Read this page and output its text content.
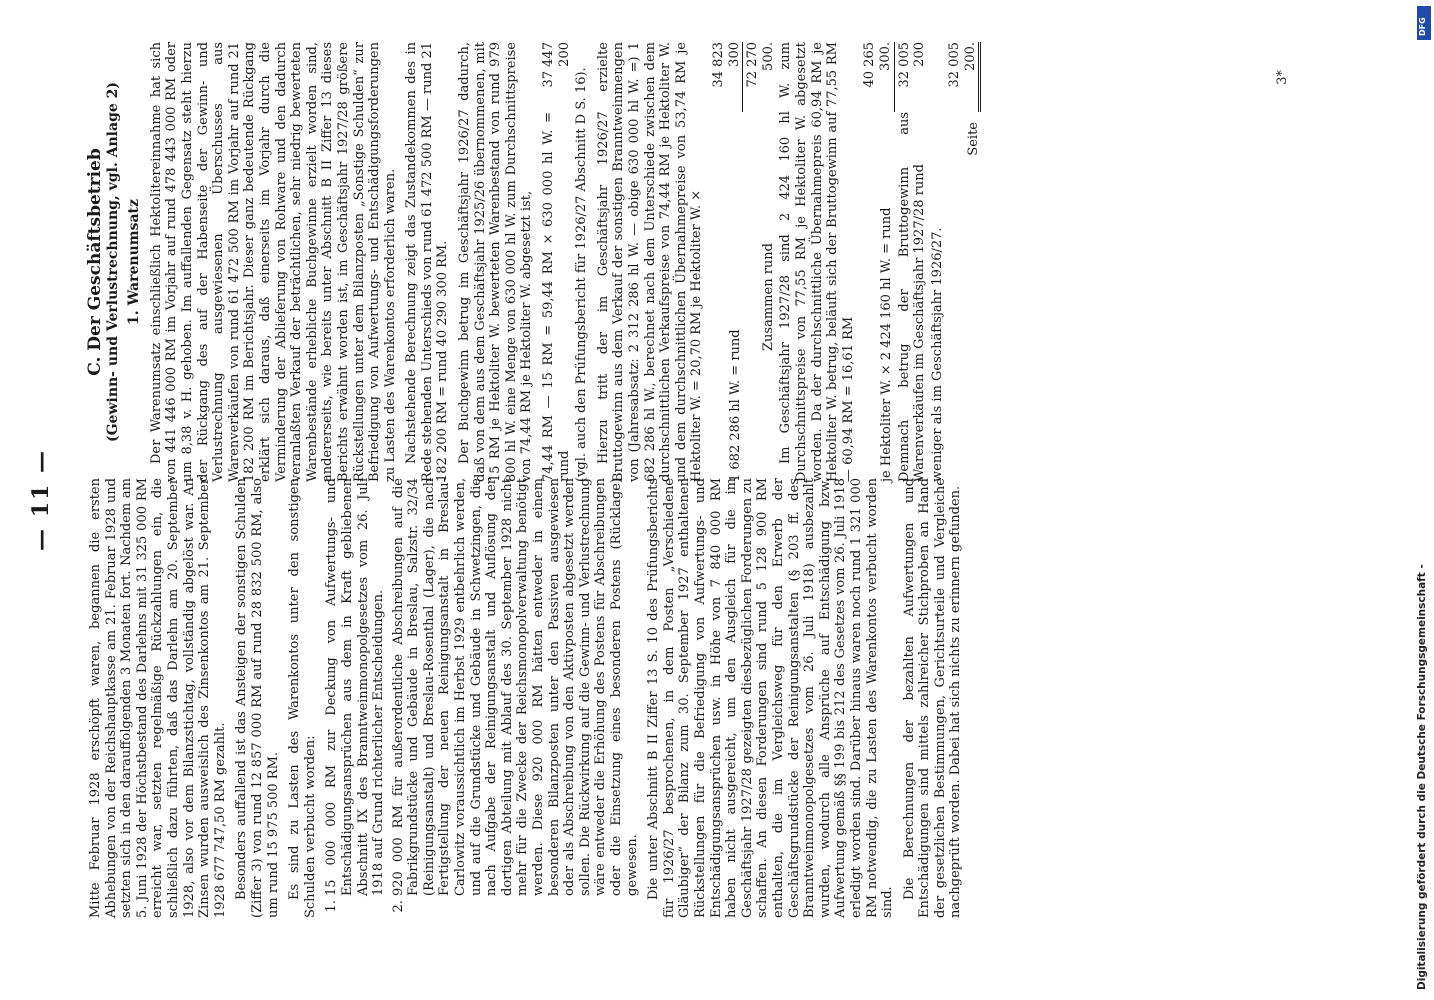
— 11 —	Mitte Februar 1928 erschöpft waren, begannen die ersten Abhebungen von der Reichshauptkasse am 21. Februar 1928 und setzten sich in den darauffolgenden 3 Monaten fort. Nachdem am 5. Juni 1928 der Höchstbestand des Darlehns mit 31 325 000 RM erreicht war, setzten regelmäßige Rückzahlungen ein, die schließlich dazu führten, daß das Darlehn am 20. September 1928, also vor dem Bilanzstichtag, vollständig abgelöst war. An Zinsen wurden ausweislich des Zinsenkontos am 21. September 1928 677 747,50 RM gezahlt. Besonders auffallend ist das Ansteigen der sonstigen Schulden (Ziffer 3) von rund 12 857 000 RM auf rund 28 832 500 RM, also um rund 15 975 500 RM. Es sind zu Lasten des Warenkontos unter den sonstigen Schulden verbucht worden: 1. 15 000 000 RM zur Deckung von Aufwertungs- und Entschädigungsansprüchen aus dem in Kraft gebliebenen Abschnitt IX des Branntweinmonopolgesetzes vom 26. Juli 1918 auf Grund richterlicher Entscheidungen. 2. 920 000 RM für außerordentliche Abschreibungen auf die Fabrikgrundstücke und Gebäude in Breslau, Salzstr. 32/34 (Reinigungsanstalt) und Breslau-Rosenthal (Lager), die nach Fertigstellung der neuen Reinigungsanstalt in Breslau-Carlowitz voraussichtlich im Herbst 1929 entbehrlich werden, und auf die Grundstücke und Gebäude in Schwetzingen, die nach Aufgabe der Reinigungsanstalt und Auflösung der dortigen Abteilung mit Ablauf des 30. September 1928 nicht mehr für die Zwecke der Reichsmonopolverwaltung benötigt werden. Diese 920 000 RM hätten entweder in einem besonderen Bilanzposten unter den Passiven ausgewiesen oder als Abschreibung von den Aktivposten abgesetzt werden sollen. Die Rückwirkung auf die Gewinn- und Verlustrechnung wäre entweder die Erhöhung des Postens für Abschreibungen oder die Einsetzung eines besonderen Postens (Rücklage) gewesen. Die unter Abschnitt B II Ziffer 13 S. 10 des Prüfungsberichts für 1926/27 besprochenen, in dem Posten „Verschiedene Gläubiger“ der Bilanz zum 30. September 1927 enthaltenen Rückstellungen für die Befriedigung von Aufwertungs- und Entschädigungsansprüchen usw. in Höhe von 7 840 000 RM haben nicht ausgereicht, um den Ausgleich für die im Geschäftsjahr 1927/28 gezeigten diesbezüglichen Forderungen zu schaffen. An diesen Forderungen sind rund 5 128 900 RM enthalten, die im Vergleichsweg für den Erwerb der Geschäftsgrundstücke der Reinigungsanstalten (§ 203 ff. des Branntweinmonopolgesetzes vom 26. Juli 1918) ausbezahlt wurden, wodurch alle Ansprüche auf Entschädigung bzw. Aufwertung gemäß §§ 199 bis 212 des Gesetzes vom 26. Juli 1918 erledigt worden sind. Darüber hinaus waren noch rund 1 321 000 RM notwendig, die zu Lasten des Warenkontos verbucht worden sind.

Die Berechnungen der bezahlten Aufwertungen und Entschädigungen sind mittels zahlreicher Stichproben an Hand der gesetzlichen Bestimmungen, Gerichtsurteile und Vergleiche nachgeprüft worden. Dabei hat sich nichts zu erinnern gefunden.

C. Der Geschäftsbetrieb (Gewinn- und Verlustrechnung, vgl. Anlage 2) 1. Warenumsatz Der Warenumsatz einschließlich Hektolitereinnahme hat sich von 441 446 000 RM im Vorjahr auf rund 478 443 000 RM oder um 8,38 v. H. gehoben. Im auffallenden Gegensatz steht hierzu der Rückgang des auf der Habenseite der Gewinn- und Verlustrechnung ausgewiesenen Überschusses aus Warenverkäufen von rund 61 472 500 RM im Vorjahr auf rund 21 182 200 RM im Berichtsjahr. Dieser ganz bedeutende Rückgang erklärt sich daraus, daß einerseits im Vorjahr durch die Verminderung der Ablieferung von Rohware und den dadurch veranlaßten Verkauf der beträchtlichen, sehr niedrig bewerteten Warenbestände erhebliche Buchgewinne erzielt worden sind, andererseits, wie bereits unter Abschnitt B II Ziffer 13 dieses Berichts erwähnt worden ist, im Geschäftsjahr 1927/28 größere Rückstellungen unter dem Bilanzposten „Sonstige Schulden“ zur Befriedigung von Aufwertungs- und Entschädigungsforderungen zu Lasten des Warenkontos erforderlich waren. Nachstehende Berechnung zeigt das Zustandekommen des in Rede stehenden Unterschieds von rund 61 472 500 RM — rund 21 182 200 RM = rund 40 290 300 RM. Der Buchgewinn betrug im Geschäftsjahr 1926/27 dadurch, daß von dem aus dem Geschäftsjahr 1925/26 übernommenen, mit 15 RM je Hektoliter W. bewerteten Warenbestand von rund 979 800 hl W. eine Menge von 630 000 hl W. zum Durchschnittspreise von 74,44 RM je Hektoliter W. abgesetzt ist, 74,44 RM — 15 RM = 59,44 RM × 630 000 hl W. = rund
37 447 200

(vgl. auch den Prüfungsbericht für 1926/27 Abschnitt D S. 16). Hierzu tritt der im Geschäftsjahr 1926/27 erzielte Bruttogewinn aus dem Verkauf der sonstigen Branntweinmengen von (Jahresabsatz: 2 312 286 hl W. — obige 630 000 hl W. =) 1 682 286 hl W., berechnet nach dem Unterschiede zwischen dem durchschnittlichen Verkaufspreise von 74,44 RM je Hektoliter W. und dem durchschnittlichen Übernahmepreise von 53,74 RM je Hektoliter W. = 20,70 RM je Hektoliter W. × 1 682 286 hl W. = rund
34 823 300
Zusammen rund
72 270 500. Im Geschäftsjahr 1927/28 sind 2 424 160 hl W. zum Durchschnittspreise von 77,55 RM je Hektoliter W. abgesetzt worden. Da der durchschnittliche Übernahmepreis 60,94 RM je Hektoliter W. betrug, beläuft sich der Bruttogewinn auf 77,55 RM — 60,94 RM = 16,61 RM je Hektoliter W. × 2 424 160 hl W. = rund
40 265 300.
Demnach betrug der Bruttogewinn aus Warenverkäufen im Geschäftsjahr 1927/28 rund
32 005 200
weniger als im Geschäftsjahr 1926/27.
Seite
32 005 200.
3*
DFG
Digitalisierung gefördert durch die Deutsche Forschungsgemeinschaft -
